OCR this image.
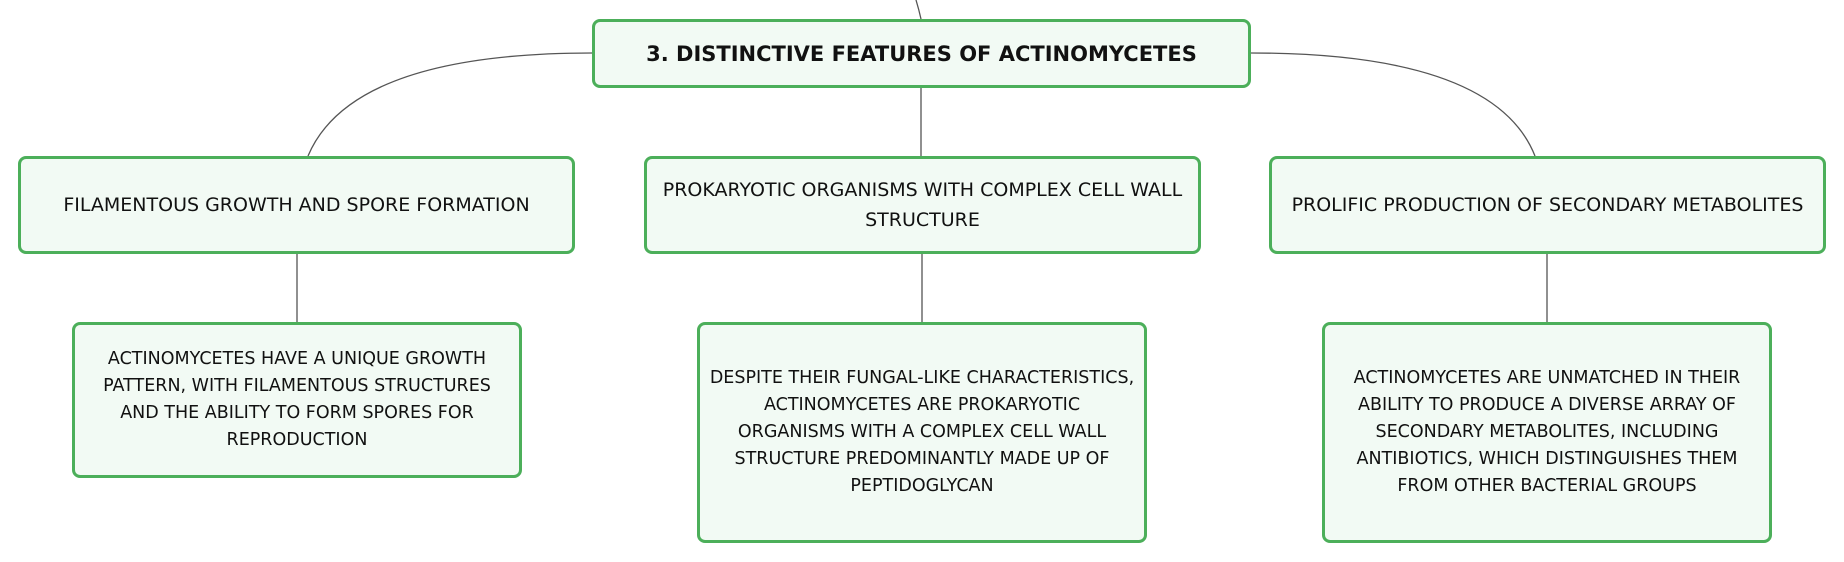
3. DISTINCTIVE FEATURES OF ACTINOMYCETES
FILAMENTOUS GROWTH AND SPORE FORMATION
PROKARYOTIC ORGANISMS WITH COMPLEX CELL WALL STRUCTURE
PROLIFIC PRODUCTION OF SECONDARY METABOLITES
ACTINOMYCETES HAVE A UNIQUE GROWTH PATTERN, WITH FILAMENTOUS STRUCTURES AND THE ABILITY TO FORM SPORES FOR REPRODUCTION
DESPITE THEIR FUNGAL-LIKE CHARACTERISTICS, ACTINOMYCETES ARE PROKARYOTIC ORGANISMS WITH A COMPLEX CELL WALL STRUCTURE PREDOMINANTLY MADE UP OF PEPTIDOGLYCAN
ACTINOMYCETES ARE UNMATCHED IN THEIR ABILITY TO PRODUCE A DIVERSE ARRAY OF SECONDARY METABOLITES, INCLUDING ANTIBIOTICS, WHICH DISTINGUISHES THEM FROM OTHER BACTERIAL GROUPS
